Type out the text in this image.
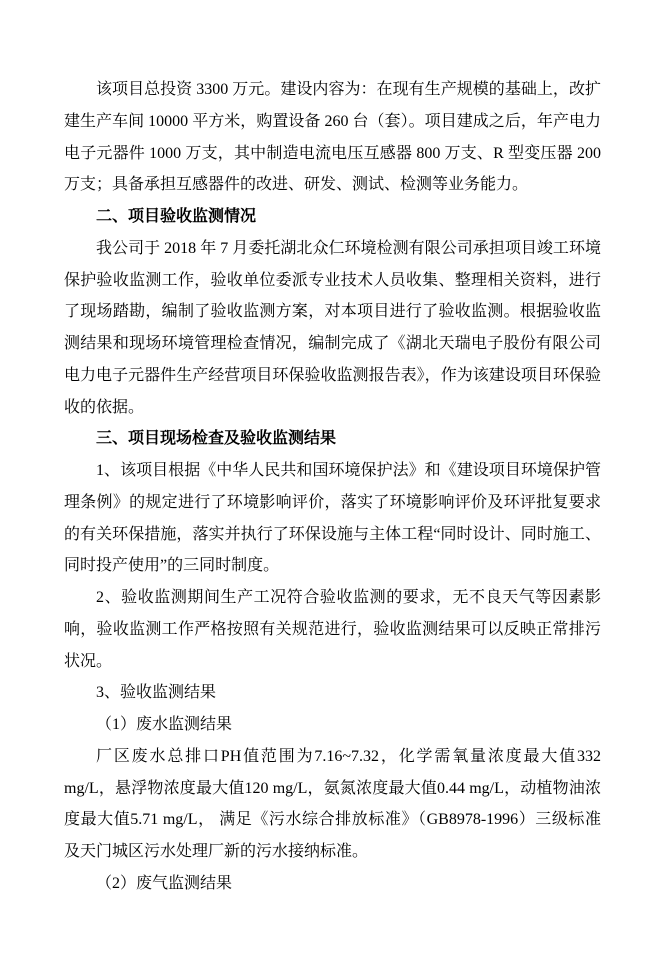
该项目总投资 3300 万元。建设内容为：在现有生产规模的基础上，改扩建生产车间 10000 平方米，购置设备 260 台（套）。项目建成之后，年产电力电子元器件 1000 万支，其中制造电流电压互感器 800 万支、R 型变压器 200 万支；具备承担互感器件的改进、研发、测试、检测等业务能力。

二、项目验收监测情况

我公司于 2018 年 7 月委托湖北众仁环境检测有限公司承担项目竣工环境保护验收监测工作，验收单位委派专业技术人员收集、整理相关资料，进行了现场踏勘，编制了验收监测方案，对本项目进行了验收监测。根据验收监测结果和现场环境管理检查情况，编制完成了《湖北天瑞电子股份有限公司电力电子元器件生产经营项目环保验收监测报告表》，作为该建设项目环保验收的依据。

三、项目现场检查及验收监测结果

1、该项目根据《中华人民共和国环境保护法》和《建设项目环境保护管理条例》的规定进行了环境影响评价，落实了环境影响评价及环评批复要求的有关环保措施，落实并执行了环保设施与主体工程“同时设计、同时施工、同时投产使用”的三同时制度。

2、验收监测期间生产工况符合验收监测的要求，无不良天气等因素影响，验收监测工作严格按照有关规范进行，验收监测结果可以反映正常排污状况。

3、验收监测结果

（1）废水监测结果

厂区废水总排口PH值范围为7.16~7.32，化学需氧量浓度最大值332 mg/L，悬浮物浓度最大值120 mg/L，氨氮浓度最大值0.44 mg/L，动植物油浓度最大值5.71 mg/L， 满足《污水综合排放标准》（GB8978-1996）三级标准及天门城区污水处理厂新的污水接纳标准。

（2）废气监测结果
